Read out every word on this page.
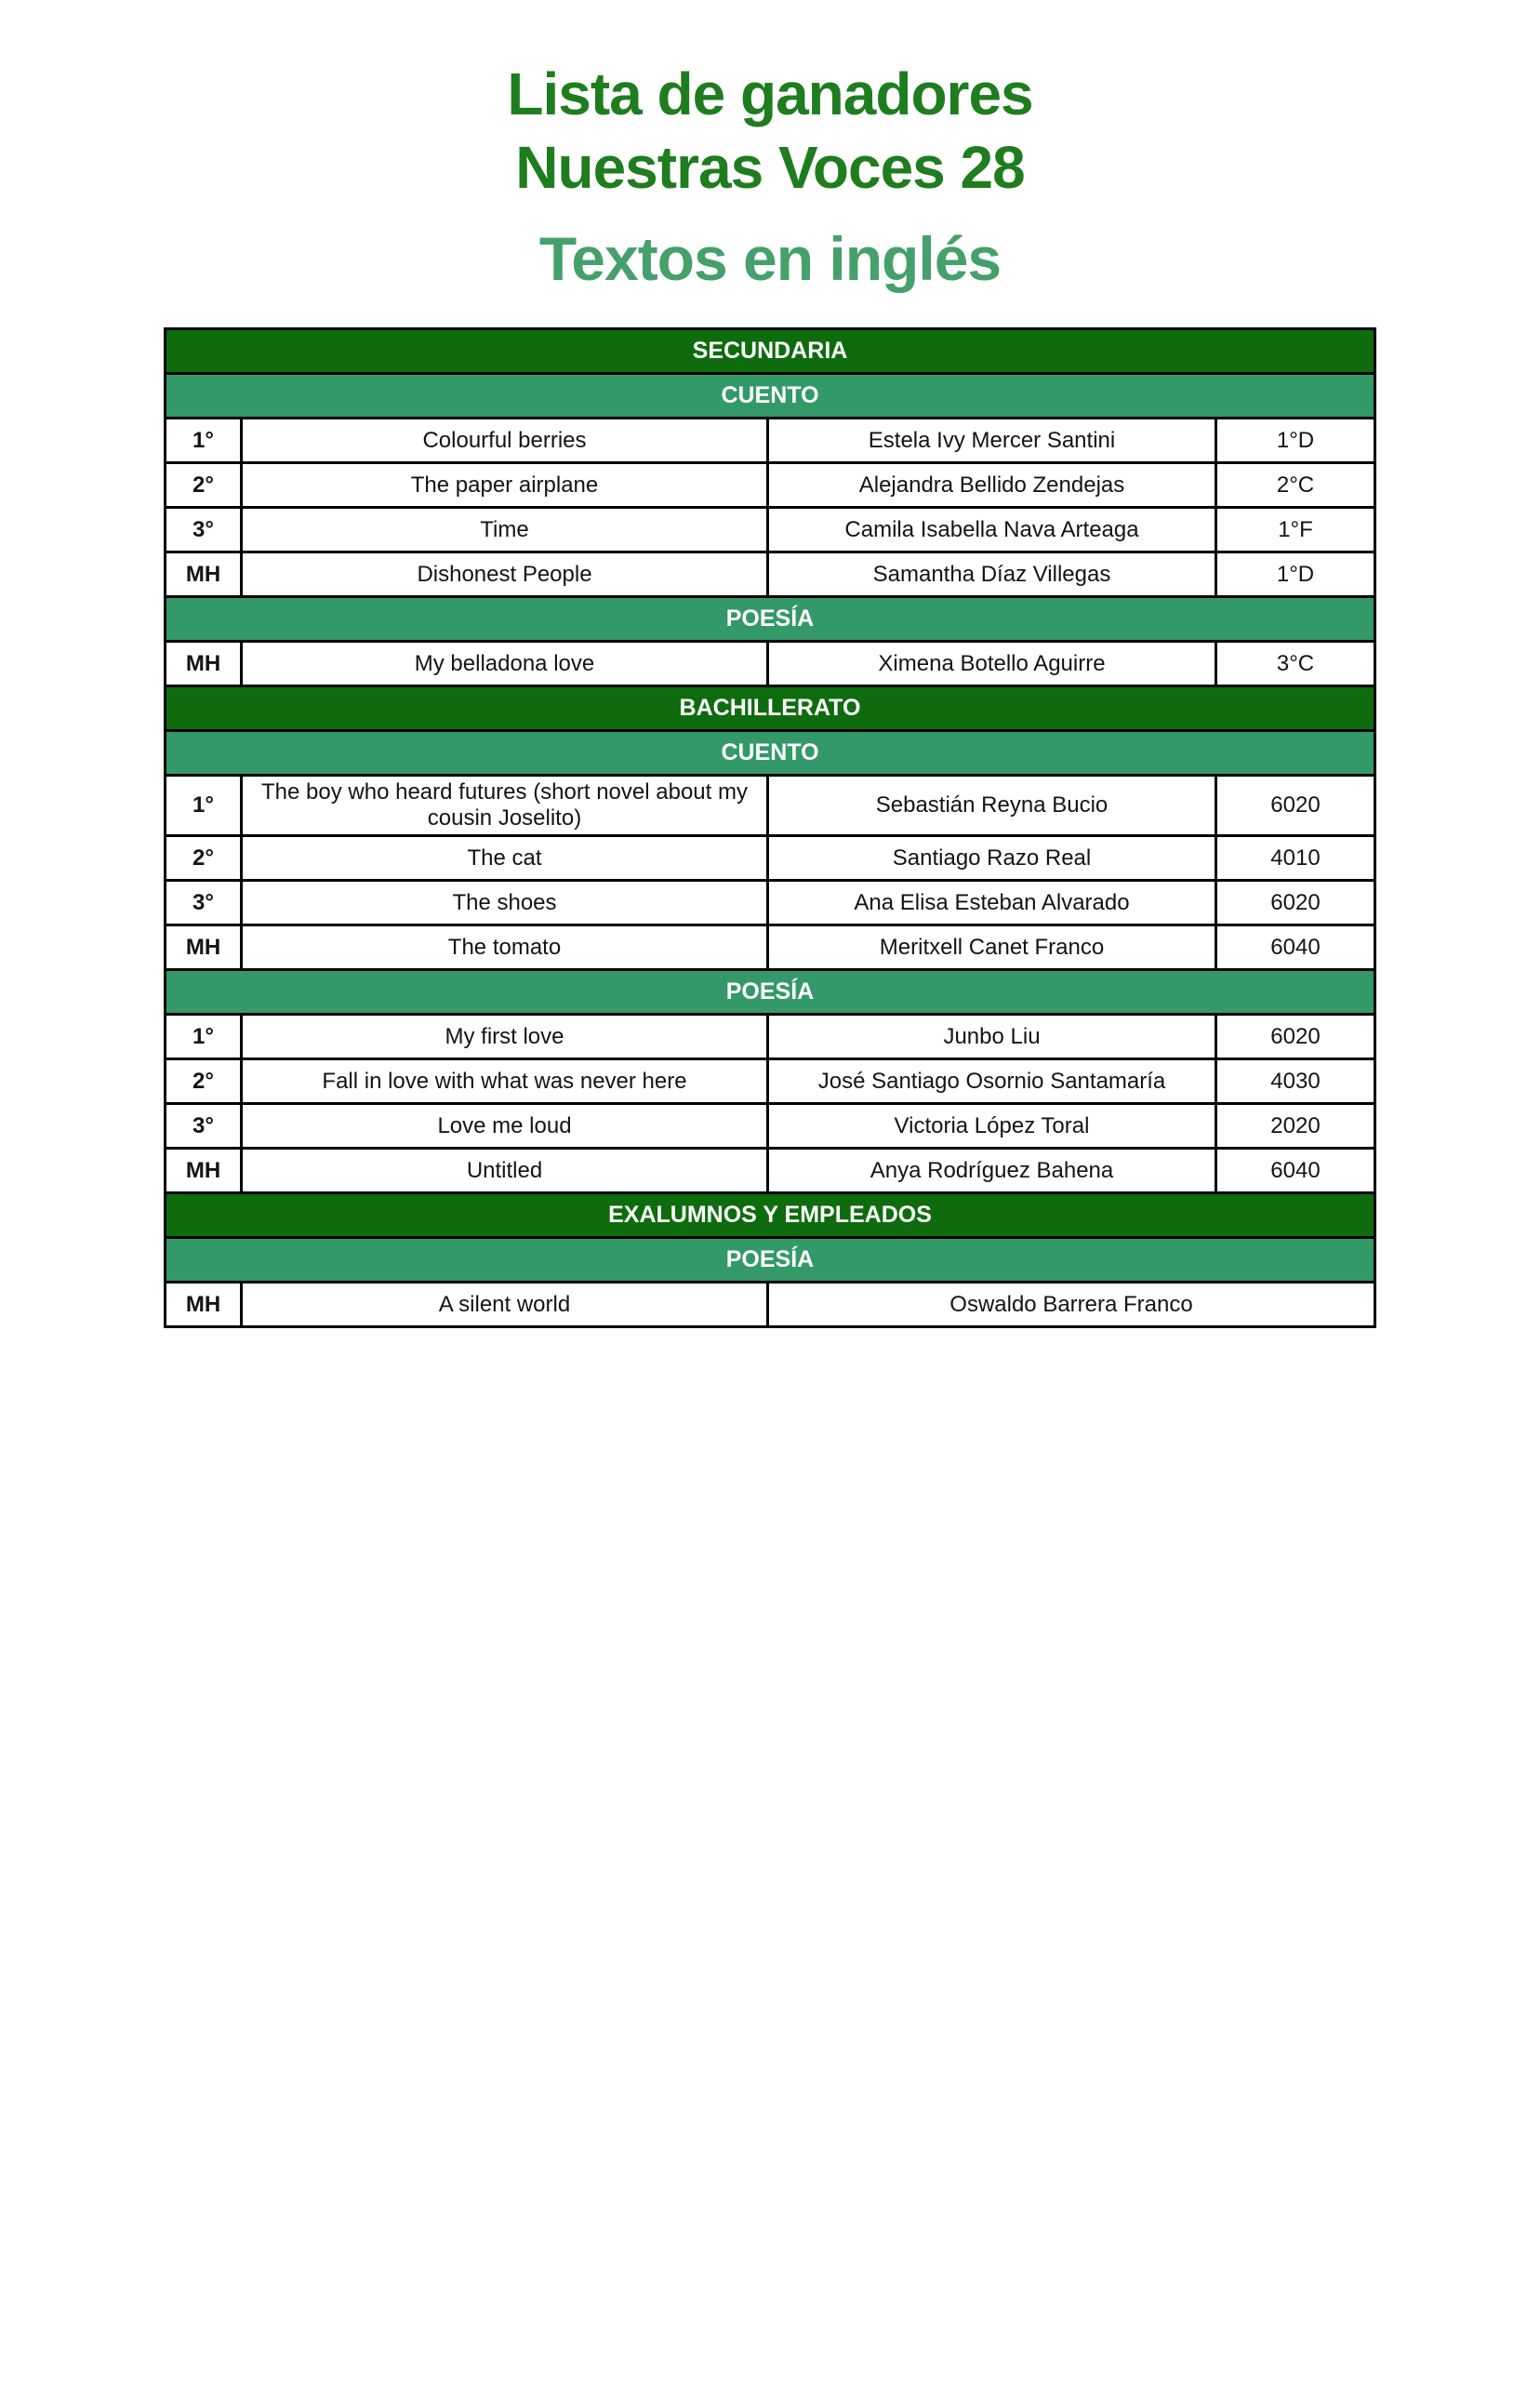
Lista de ganadores
Nuestras Voces 28
Textos en inglés
SECUNDARIA			
CUENTO			
1°	Colourful berries	Estela Ivy Mercer Santini	1°D
2°	The paper airplane	Alejandra Bellido Zendejas	2°C
3°	Time	Camila Isabella Nava Arteaga	1°F
MH	Dishonest People	Samantha Díaz Villegas	1°D
POESÍA			
MH	My belladona love	Ximena Botello Aguirre	3°C
BACHILLERATO			
CUENTO			
1°	The boy who heard futures (short novel about my cousin Joselito)	Sebastián Reyna Bucio	6020
2°	The cat	Santiago Razo Real	4010
3°	The shoes	Ana Elisa Esteban Alvarado	6020
MH	The tomato	Meritxell Canet Franco	6040
POESÍA			
1°	My first love	Junbo Liu	6020
2°	Fall in love with what was never here	José Santiago Osornio Santamaría	4030
3°	Love me loud	Victoria López Toral	2020
MH	Untitled	Anya Rodríguez Bahena	6040
EXALUMNOS Y EMPLEADOS			
POESÍA			
MH	A silent world	Oswaldo Barrera Franco	
